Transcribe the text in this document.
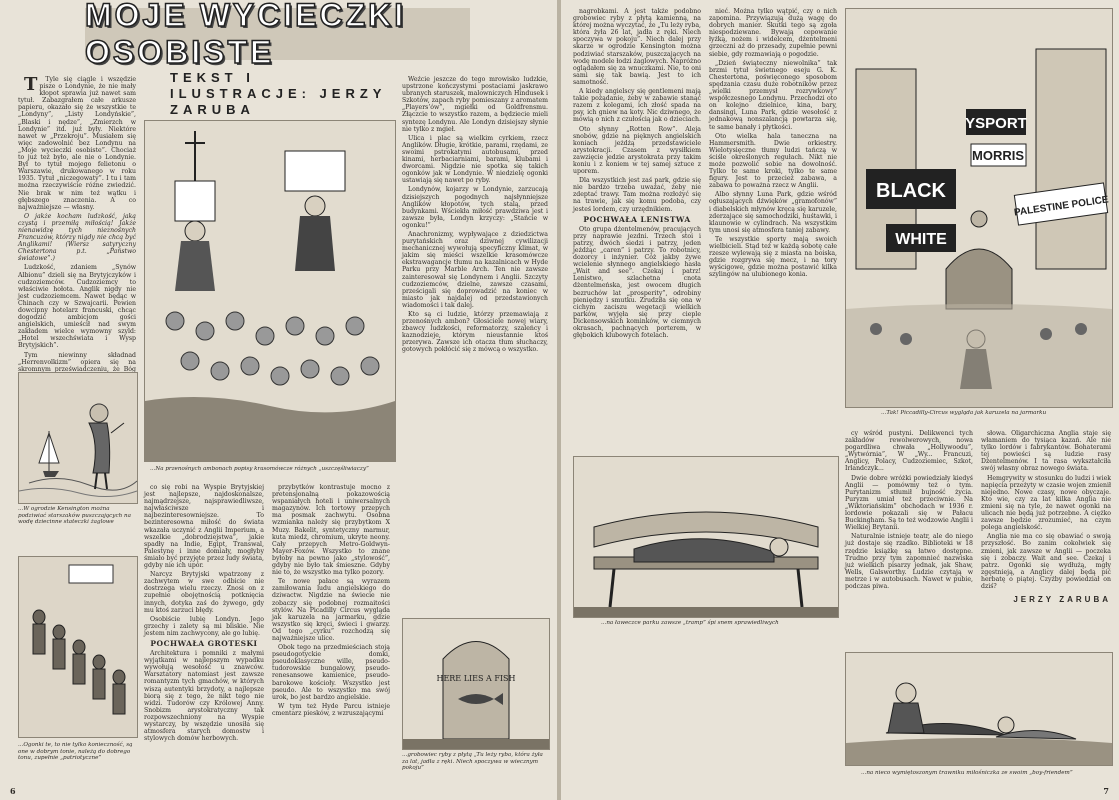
MOJE WYCIECZKI OSOBISTE
TEKST I ILUSTRACJE: JERZY ZARUBA

T Tyle się ciągle i wszędzie pisze o Londynie, że nie mały kłopot sprawia już nawet sam tytuł. Zabazgrałem całe arkusze papieru, okazało się że wszystkie te „Londyny”, „Listy Londyńskie”, „Blaski i nędze”, „Zmierzch w Londynie” itd. już były. Niektóre nawet w „Przekroju”. Musiałem się więc zadowolnić bez Londynu na „Moje wycieczki osobiste”. Chociaż to już też było, ale nie o Londynie. Był to tytuł mojego felietonu o Warszawie, drukowanego w roku 1935. Tytuł „niczegowaty”. I tu i tam można rzeczywiście różne zwiedzić. Nie brak w nim też wątku i głębszego znaczenia. A co najważniejsze — własny.

O jakże kocham ludzkość, jaką czystą i przemiłą miłością! Jakże nienawidzę tych nieznośnych Francuzów, którzy nigdy nie chcą być Anglikami! (Wiersz satyryczny Chestertona p.t. „Państwo światowe”.)

Ludzkość, zdaniem „Synów Albionu” dzieli się na Brytyjczyków i cudzoziemców. Cudzoziemcy to właściwie hołota. Anglik nigdy nie jest cudzoziemcem. Nawet będąc w Chinach czy w Szwajcarii. Pewien dowcipny hotelarz francuski, chcąc dogodzić ambicjom gości angielskich, umieścił nad swym zakładem wielce wymowny szyld: „Hotel wszechświata i Wysp Brytyjskich”.

Tym niewinny składnad „Herrenvolkizm” opiera się na skromnym przeświadczeniu, że Bóg

...W ogrodzie Kensington można podziwiać starszaków puszczających na wodę dziecinne stateczki żaglowe
...Ogonki te, to nie tylko konieczność, są one w dobrym tonie, należą do dobrego tonu, zupełnie „patriotyczne”
...Na przenośnych ambonach popisy krasomówcze różnych „uszczęśliwiaczy”

co się robi na Wyspie Brytyjskiej jest najlepsze, najdoskonalsze, najmądrzejsze, najsprawiedliwsze, najwłaściwsze i najbezinteresowniejsze. To bezinteresowna miłość do świata wkazała uczynić z Anglii Imperium, a wszelkie „dobrodziejstwa”, jakie spadły na Indie, Egipt, Transwal, Palestynę i inne domiały, mogłyby śmiało być przyjęte przez ludy świata, gdyby nie ich upór.

Narcyz Brytyjski wpatrzony z zachwytem w swe odbicie nie dostrzega wielu rzeczy. Znosi on z zupełnie obojętnością potknięcia innych, dotyka zaś do żywego, gdy mu ktoś zarzuci błędy.

Osobiście lubię Londyn. Jego grzechy i zalety są mi bliskie. Nie jestem nim zachwycony, ale go lubię.

POCHWAŁA GROTESKI

Architektura i pomniki z małymi wyjątkami w najlepszym wypadku wywołują wesołość u znawców. Warsztatory natomiast jest zawsze romantyzm tych gmachów, w których wiszą autentyki brzydoty, a najlepsze biorą się z tego, że nikt tego nie widzi. Tudorów czy Królowej Anny. Snobizm arystokratyczny tak rozpowszechniony na Wyspie wystarczy, by wszędzie unosiła się atmosfera starych domostw i stylowych domów herbowych.

Weźcie jeszcze do tego mrowisko ludzkie, upstrzone kończystymi postaciami jaskrawo ubranych staruszek, malowniczych Hindusek i Szkotów, zapach ryby pomieszany z aromatem „Players’ów”, mgiełki od Goldfrensmu. Złączcie to wszystko razem, a będziecie mieli syntezę Londynu. Ale Londyn dzisiejszy słynie nie tylko z mgieł.

Ulica i plac są wielkim cyrkiem, rzecz Anglików. Długie, krótkie, parami, rzędami, ze swoimi pstrokatymi autobusami, przed kinami, herbaciarniami, barami, klubami i dworcami. Nigdzie nie spotka się takich ogonków jak w Londynie. W niedzielę ogonki ustawiają się nawet po ryby.

Londynów, kojarzy w Londynie, zarzucają dzisiejszych pogodnych najsłynniejsze Anglików kłopotów, tych stalą, przed budynkami. Wściekła miłość prawdziwa jest i zawsze była, Londyn krzyczy: „Stańcie w ogonku!”

Anachronizmy, wypływające z dziedzictwa purytańskich oraz dziwnej cywilizacji mechanicznej wywołują specyficzny klimat, w jakim się mieści wszelkie krasomówcze ekstrawagancje tłumu na kazalnicach w Hyde Parku przy Marble Arch. Ten nie zawsze zainteresował się Londynem i Anglii. Szczyty cudzoziemców, dzielne, zawsze czasami, prześcigali się doprowadzić na koniec w miasto jak najdalej od przedstawionych wiadomości i tak dalej.

Kto są ci ludzie, którzy przemawiają z przenośnych ambon? Głosiciele nowej wiary, zbawcy ludzkości, reformatorzy, szaleńcy i kaznodzieje, którym nieustannie ktoś przerywa. Zawsze ich otacza tłum słuchaczy, gotowych pokłócić się z mówcą o wszystko.

przybytków kontrastuje mocno z pretensjonalną pokazowością wspaniałych hoteli i uniwersalnych magazynów. Ich tortowy przepych ma posmak zachwytu. Osobna wzmianka należy się przybytkom X Muzy. Bakelit, syntetyczny marmur, kuta miedź, chromium, ukryte neony. Cały przepych Metro-Goldwyn-Mayer-Foxów. Wszystko to znane byłoby na pewno jako „stylowość”, gdyby nie było tak śmieszne. Gdyby nie to, że wszystko ma tylko pozory.

Te nowe pałace są wyrazem zamiłowania ludu angielskiego do dziwactw. Nigdzie na świecie nie zobaczy się podobnej rozmaitości stylów. Na Picadilly Circus wygląda jak karuzela na jarmarku, gdzie wszystko się kręci, świeci i gwarzy. Od tego „cyrku” rozchodzą się najważniejsze ulice.

Obok tego na przedmieściach stoją pseudogotyckie domki, pseudoklasyczne wille, pseudo-tudorowskie bungalowy, pseudo-renesansowe kamienice, pseudo-barokowe kościoły. Wszystko jest pseudo. Ale to wszystko ma swój urok, bo jest bardzo angielskie.

W tym też Hyde Parcu istnieje cmentarz piesków, z wzruszającymi

HERE LIES A FISH
...grobowiec ryby z płytą „Tu leży ryba, która żyła za lat, jadła z ręki. Niech spoczywa w wiecznym pokoju”
6

nagrobkami. A jest także podobno grobowiec ryby z płytą kamienną, na której można wyczytać, że „Tu leży ryba, która żyła 26 lat, jadła z ręki. Niech spoczywa w pokoju”. Niech dalej przy skarze w ogrodzie Kensington można podziwiać starszaków, puszczających na wodę modele łodzi żaglowych. Napróżno oglądałem się za wnuczkami. Nie, to oni sami się tak bawią. Jest to ich samotność.

A kiedy angielscy się gentlemeni mają takie pożądanie, żeby w zabawie stanąć razem z kolegami, ich złość spada na psy, ich gniew na koty. Nic dziwnego, że mówią o nich z czułością jak o dzieciach.

Oto słynny „Rotten Row”. Aleja snobów, gdzie na pięknych angielskich koniach jeżdżą przedstawiciele arystokracji. Czasem z wysiłkiem zawzięcie jedzie arystokrata przy takim koniu i z koniem w tej samej sztuce z uporem.

Dla wszystkich jest zaś park, gdzie się nie bardzo trzeba uważać, żeby nie zdeptać trawy. Tam można rozłożyć się na trawie, jak się komu podoba, czy jesteś lordem, czy urzędnikiem.

POCHWAŁA LENISTWA

Oto grupa dżentelmenów, pracujących przy naprawie jezdni. Trzech stoi i patrzy, dwóch siedzi i patrzy, jeden jeżdżąc „caren” i patrzy. To robotnicy, dozorcy i inżynier. Cóż jakby żywe wcielenie słynnego angielskiego hasła „Wait and see”. Czekaj i patrz! Lenistwo, szlachetna cnota dżentelmeńska, jest owocem długich bezruchów lat „prosperity”, odrobiny pieniędzy i smutku. Zrudziła się ona w cichym zaciszu wegetacji wielkich parków, wyjęła się przy cieple Dickensowskich kominków, w ciemnych okrasach, pachnących porterem, w głębokich klubowych fotelach.

nieć. Można tylko wątpić, czy o nich zapomina. Przywiązują dużą wagę do dobrych manier. Skutki tego są zgoła niespodziewane. Bywają cepowanie łyżką, nożem i widelcem, dżentelmeni grzeczni aż do przesady, zupełnie pewni siebie, gdy rozmawiają o pogodzie.

„Dzień świąteczny niewolnika” tak brzmi tytuł świetnego eseju G. K. Chestertona, poświęconego sposobom spędzania czasu duże robotników przez „wielki przemysł rozrywkowy” współczesnego Londynu. Przechodzi oto on kolejno dzielnice, kina, bary, dansingi, Luna Park, gdzie wesołość z jednakową nonszalancją powtarza się, te same banały i płytkości.

Oto wielka hala taneczna na Hammersmith. Dwie orkiestry. Wielotysięczne tłumy ludzi tańczą w ściśle określonych regułach. Nikt nie może pozwolić sobie na dowolność. Tylko te same kroki, tylko te same figury. Jest to przecież zabawa, a zabawa to poważna rzecz w Anglii.

Albo słynny Luna Park, gdzie wśród ogłuszających dźwięków „gramofonów” i diabelskich młynów kręcą się karuzele, zderzające się samochodziki, huśtawki, i klaunowie w cylindrach. Na wszystkim tym unosi się atmosfera taniej zabawy.

Te wszystkie sporty mają swoich wielbicieli. Stąd też w każdą sobotę całe rzesze wylewają się z miasta na boiska, gdzie rozgrywa się mecz, i na tory wyścigowe, gdzie można postawić kilka szylingów na ulubionego konia.

BLACK
WHITE
YSPORT
MORRIS
PALESTINE POLICE
...Tak! Piccadilly-Circus wygląda jak karuzela na jarmarku
...na ławeczce parku zawsze „tramp” śpi snem sprawiedliwych

cy wśród pustyni. Delikwenci tych zakładów rewolwerowych, nowa pogardliwa chwała „Hollywoodu”, „Wytwórnia”, W „Wy... Francuzi, Anglicy, Polacy, Cudzoziemiec, Szkot, Irlandczyk...

Dwie dobre wróżki powiedziały kiedyś Anglii — pomówmy też o tym. Purytanizm stłumił bujność życia. Puryzm umiał też przeciwnie. Na „Wiktoriańskim” obchodach w 1936 r. lordowie pokazali się w Pałacu Buckingham. Są to też wodzowie Anglii i Wielkiej Brytanii.

Naturalnie istnieje teatr, ale do niego już dostaje się rzadko. Biblioteki w 18 rzędzie książkę są łatwo dostępne. Trudno przy tym zapomnieć nazwiska już wielkich pisarzy jednak, jak Shaw, Wells, Galsworthy. Ludzie czytają w metrze i w autobusach. Nawet w pubie, podczas piwa.

słowa. Oligarchiczna Anglia staje się włamaniem do tysiąca kazań. Ale nie tylko lordów i fabrykantów. Bohaterami tej powieści są ludzie rasy Dżentelmenów. I ta rasa wykształciła swój własny obraz nowego świata.

Hemgrywity w stosunku do ludzi i wiek napięcia przeżyty w czasie wojen zmienił niejedno. Nowe czasy, nowe obyczaje. Kto wie, czy za lat kilka Anglia nie zmieni się na tyle, że nawet ogonki na ulicach nie będą już potrzebne. A ciężko zawsze będzie zrozumieć, na czym polega angielskość.

Anglia nie ma co się obawiać o swoją przyszłość. Bo zanim cokolwiek się zmieni, jak zawsze w Anglii — poczeka się i zobaczy. Wait and see. Czekaj i patrz. Ogonki się wydłużą, mgły zgęstnieją, a Anglicy dalej będą pić herbatę o piątej. Czyżby powiedział on dziś?

JERZY ZARUBA
...na nieco wymiętoszonym trawniku miłośniczka ze swoim „boy-friendem”
7
